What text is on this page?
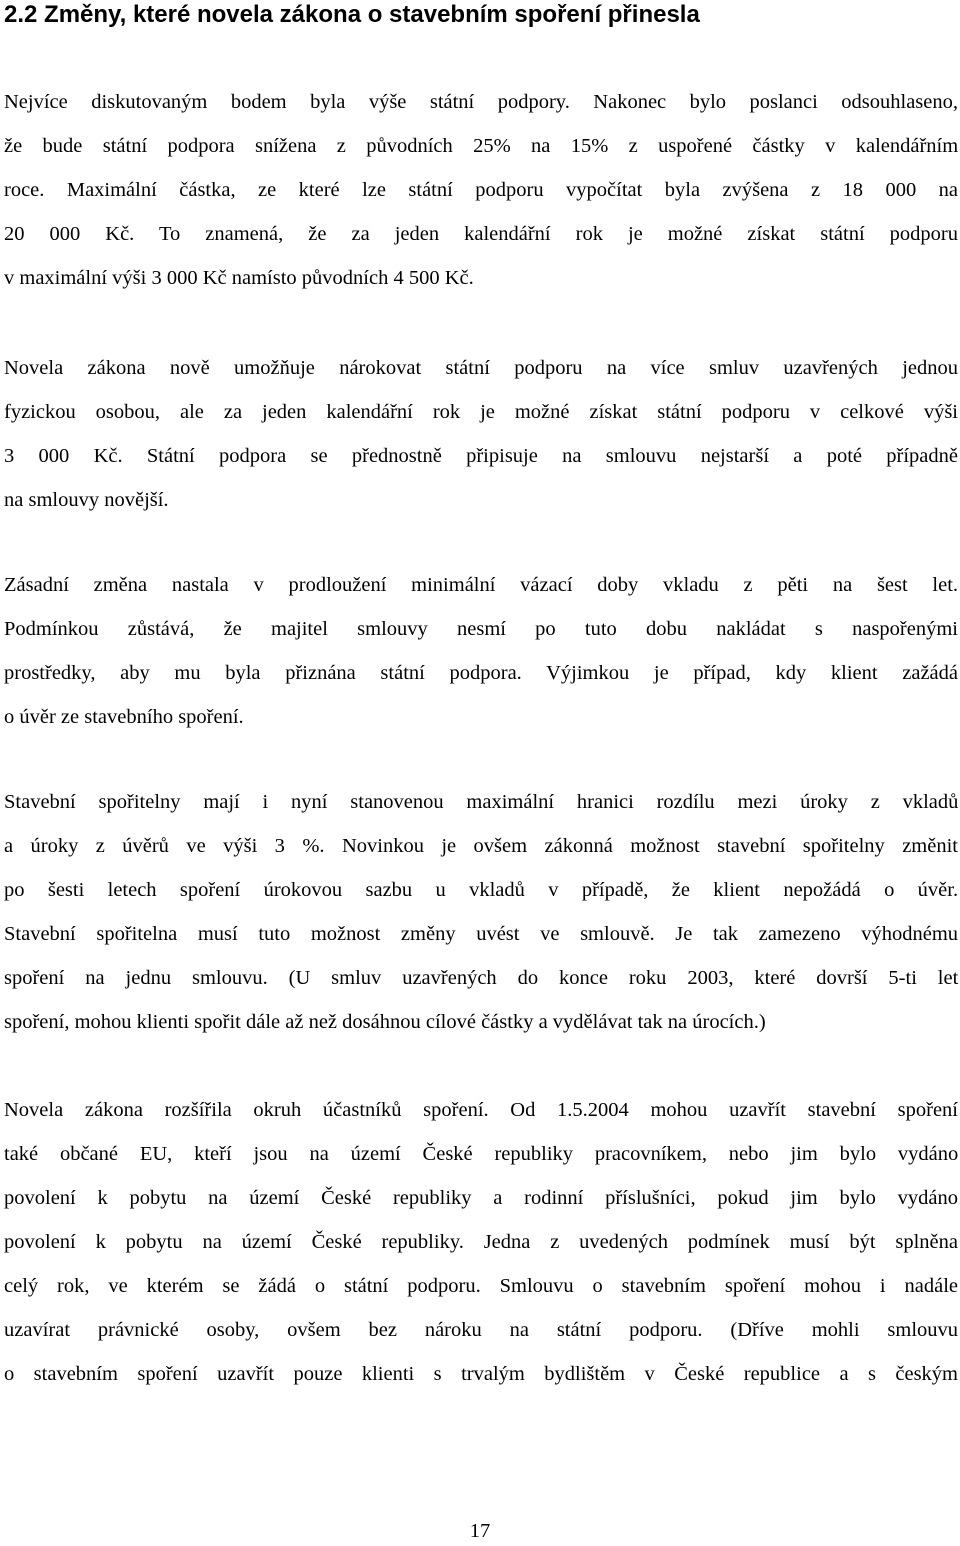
2.2 Změny, které novela zákona o stavebním spoření přinesla
Nejvíce diskutovaným bodem byla výše státní podpory. Nakonec bylo poslanci odsouhlaseno,
že bude státní podpora snížena z původních 25% na 15% z uspořené částky v kalendářním
roce. Maximální částka, ze které lze státní podporu vypočítat byla zvýšena z 18 000 na
20 000 Kč. To znamená, že za jeden kalendářní rok je možné získat státní podporu
v maximální výši 3 000 Kč namísto původních 4 500 Kč.
Novela zákona nově umožňuje nárokovat státní podporu na více smluv uzavřených jednou
fyzickou osobou, ale za jeden kalendářní rok je možné získat státní podporu v celkové výši
3 000 Kč. Státní podpora se přednostně připisuje na smlouvu nejstarší a poté případně
na smlouvy novější.
Zásadní změna nastala v prodloužení minimální vázací doby vkladu z pěti na šest let.
Podmínkou zůstává, že majitel smlouvy nesmí po tuto dobu nakládat s naspořenými
prostředky, aby mu byla přiznána státní podpora. Výjimkou je případ, kdy klient zažádá
o úvěr ze stavebního spoření.
Stavební spořitelny mají i nyní stanovenou maximální hranici rozdílu mezi úroky z vkladů
a úroky z úvěrů ve výši 3 %. Novinkou je ovšem zákonná možnost stavební spořitelny změnit
po šesti letech spoření úrokovou sazbu u vkladů v případě, že klient nepožádá o úvěr.
Stavební spořitelna musí tuto možnost změny uvést ve smlouvě. Je tak zamezeno výhodnému
spoření na jednu smlouvu. (U smluv uzavřených do konce roku 2003, které dovrší 5-ti let
spoření, mohou klienti spořit dále až než dosáhnou cílové částky a vydělávat tak na úrocích.)
Novela zákona rozšířila okruh účastníků spoření. Od 1.5.2004 mohou uzavřít stavební spoření
také občané EU, kteří jsou na území České republiky pracovníkem, nebo jim bylo vydáno
povolení k pobytu na území České republiky a rodinní příslušníci, pokud jim bylo vydáno
povolení k pobytu na území České republiky. Jedna z uvedených podmínek musí být splněna
celý rok, ve kterém se žádá o státní podporu. Smlouvu o stavebním spoření mohou i nadále
uzavírat právnické osoby, ovšem bez nároku na státní podporu. (Dříve mohli smlouvu
o stavebním spoření uzavřít pouze klienti s trvalým bydlištěm v České republice a s českým
17
